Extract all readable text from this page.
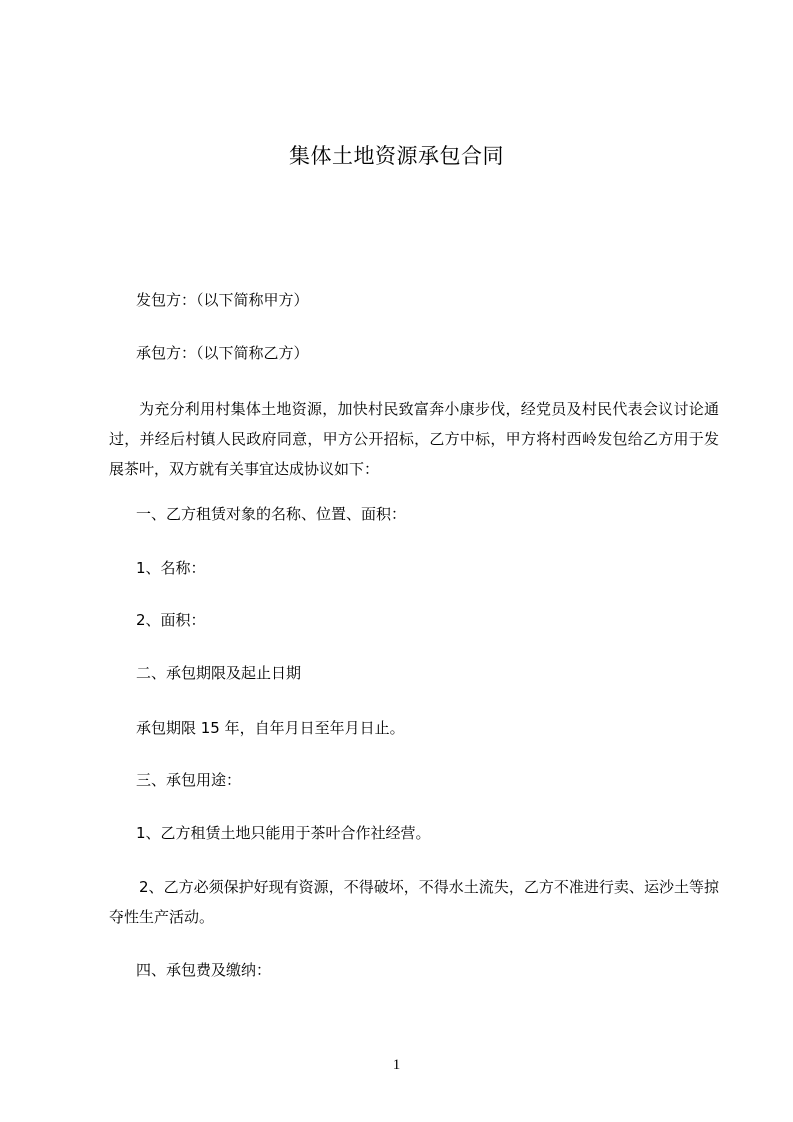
集体土地资源承包合同
发包方：（以下简称甲方）
承包方：（以下简称乙方）
为充分利用村集体土地资源，加快村民致富奔小康步伐，经党员及村民代表会议讨论通过，并经后村镇人民政府同意，甲方公开招标，乙方中标，甲方将村西岭发包给乙方用于发展茶叶，双方就有关事宜达成协议如下：
一、乙方租赁对象的名称、位置、面积：
1、名称：
2、面积：
二、承包期限及起止日期
承包期限 15 年，自年月日至年月日止。
三、承包用途：
1、乙方租赁土地只能用于茶叶合作社经营。
2、乙方必须保护好现有资源，不得破坏，不得水土流失，乙方不准进行卖、运沙土等掠夺性生产活动。
四、承包费及缴纳：
1
